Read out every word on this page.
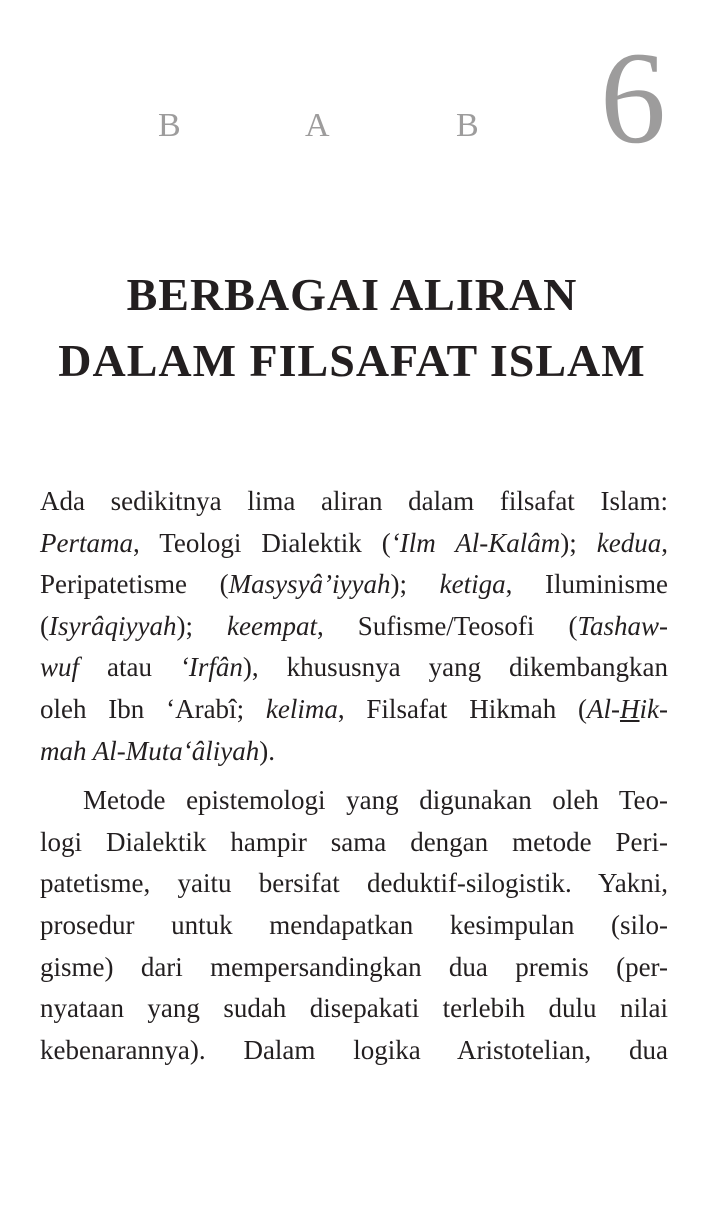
B	A	B 6
BERBAGAI ALIRAN
DALAM FILSAFAT ISLAM

Ada sedikitnya lima aliran dalam filsafat Islam:
Pertama, Teologi Dialektik (‘Ilm Al-Kalâm); kedua,
Peripatetisme (Masysyâ’iyyah); ketiga, Iluminisme
(Isyrâqiyyah); keempat, Sufisme/Teosofi (Tashaw-
wuf atau ‘Irfân), khususnya yang dikembangkan
oleh Ibn ‘Arabî; kelima, Filsafat Hikmah (Al-Hik-
mah Al-Muta‘âliyah).

Metode epistemologi yang digunakan oleh Teo-
logi Dialektik hampir sama dengan metode Peri-
patetisme, yaitu bersifat deduktif-silogistik. Yakni,
prosedur untuk mendapatkan kesimpulan (silo-
gisme) dari mempersandingkan dua premis (per-
nyataan yang sudah disepakati terlebih dulu nilai
kebenarannya). Dalam logika Aristotelian, dua
